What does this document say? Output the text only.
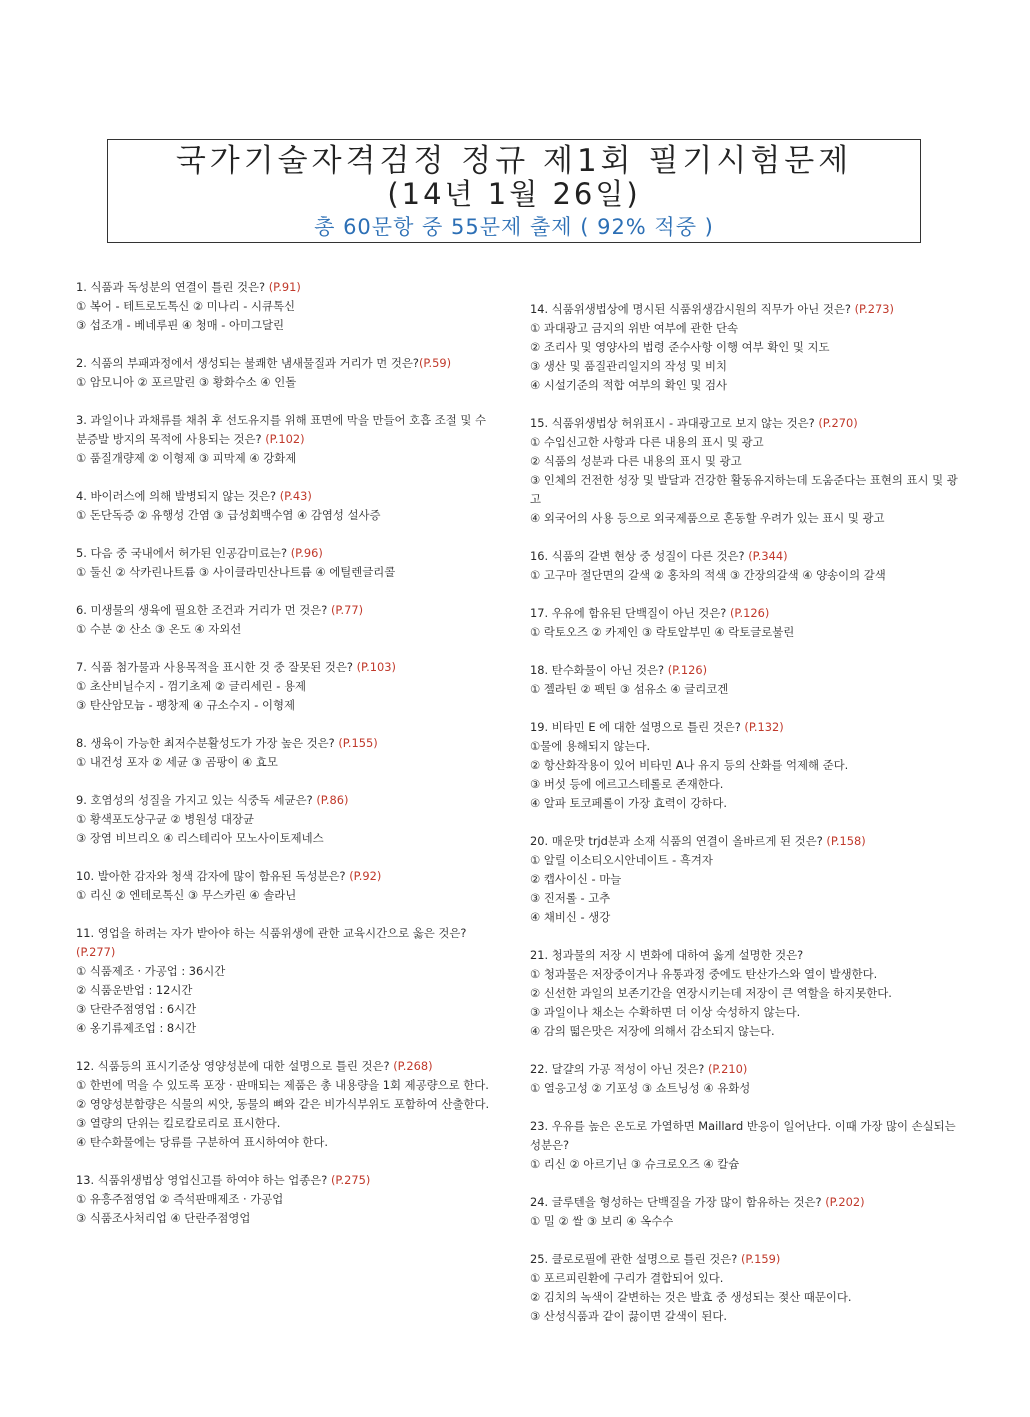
국가기술자격검정 정규 제1회 필기시험문제
(14년 1월 26일)
총 60문항 중 55문제 출제 ( 92% 적중 )
1. 식품과 독성분의 연결이 틀린 것은? (P.91)
① 복어 - 테트로도톡신 ② 미나리 - 시큐톡신
③ 섭조개 - 베네루핀 ④ 청매 - 아미그달린
2. 식품의 부패과정에서 생성되는 불쾌한 냄새물질과 거리가 먼 것은?(P.59)
① 암모니아 ② 포르말린 ③ 황화수소 ④ 인돌
3. 과일이나 과채류를 채취 후 선도유지를 위해 표면에 막을 만들어 호흡 조절 및 수분증발 방지의 목적에 사용되는 것은? (P.102)
① 품질개량제 ② 이형제 ③ 피막제 ④ 강화제
4. 바이러스에 의해 발병되지 않는 것은? (P.43)
① 돈단독증 ② 유행성 간염 ③ 급성회백수염 ④ 감염성 설사증
5. 다음 중 국내에서 허가된 인공감미료는? (P.96)
① 둘신 ② 삭카린나트륨 ③ 사이클라민산나트륨 ④ 에틸렌글리콜
6. 미생물의 생육에 필요한 조건과 거리가 먼 것은? (P.77)
① 수분 ② 산소 ③ 온도 ④ 자외선
7. 식품 첨가물과 사용목적을 표시한 것 중 잘못된 것은? (P.103)
① 초산비닐수지 - 껌기초제 ② 글리세린 - 용제
③ 탄산암모늄 - 팽창제 ④ 규소수지 - 이형제
8. 생육이 가능한 최저수분활성도가 가장 높은 것은? (P.155)
① 내건성 포자 ② 세균 ③ 곰팡이 ④ 효모
9. 호염성의 성질을 가지고 있는 식중독 세균은? (P.86)
① 황색포도상구균 ② 병원성 대장균
③ 장염 비브리오 ④ 리스테리아 모노사이토제네스
10. 발아한 감자와 청색 감자에 많이 함유된 독성분은? (P.92)
① 리신 ② 엔테로톡신 ③ 무스카린 ④ 솔라닌
11. 영업을 하려는 자가 받아야 하는 식품위생에 관한 교육시간으로 옳은 것은? (P.277)
① 식품제조 · 가공업 : 36시간
② 식품운반업 : 12시간
③ 단란주점영업 : 6시간
④ 옹기류제조업 : 8시간
12. 식품등의 표시기준상 영양성분에 대한 설명으로 틀린 것은? (P.268)
① 한번에 먹을 수 있도록 포장 · 판매되는 제품은 총 내용량을 1회 제공량으로 한다.
② 영양성분함량은 식물의 씨앗, 동물의 뼈와 같은 비가식부위도 포함하여 산출한다.
③ 열량의 단위는 킬로칼로리로 표시한다.
④ 탄수화물에는 당류를 구분하여 표시하여야 한다.
13. 식품위생법상 영업신고를 하여야 하는 업종은? (P.275)
① 유흥주점영업 ② 즉석판매제조 · 가공업
③ 식품조사처리업 ④ 단란주점영업
14. 식품위생법상에 명시된 식품위생감시원의 직무가 아닌 것은? (P.273)
① 과대광고 금지의 위반 여부에 관한 단속
② 조리사 및 영양사의 법령 준수사항 이행 여부 확인 및 지도
③ 생산 및 품질관리일지의 작성 및 비치
④ 시설기준의 적합 여부의 확인 및 검사
15. 식품위생법상 허위표시 - 과대광고로 보지 않는 것은? (P.270)
① 수입신고한 사항과 다른 내용의 표시 및 광고
② 식품의 성분과 다른 내용의 표시 및 광고
③ 인체의 건전한 성장 및 발달과 건강한 활동유지하는데 도움준다는 표현의 표시 및 광고
④ 외국어의 사용 등으로 외국제품으로 혼동할 우려가 있는 표시 및 광고
16. 식품의 갈변 현상 중 성질이 다른 것은? (P.344)
① 고구마 절단면의 갈색 ② 홍차의 적색 ③ 간장의갈색 ④ 양송이의 갈색
17. 우유에 함유된 단백질이 아닌 것은? (P.126)
① 락토오즈 ② 카제인 ③ 락토알부민 ④ 락토글로불린
18. 탄수화물이 아닌 것은? (P.126)
① 젤라틴 ② 펙틴 ③ 섬유소 ④ 글리코겐
19. 비타민 E 에 대한 설명으로 틀린 것은? (P.132)
①물에 용해되지 않는다.
② 항산화작용이 있어 비타민 A나 유지 등의 산화를 억제해 준다.
③ 버섯 등에 에르고스테롤로 존재한다.
④ 알파 토코페롤이 가장 효력이 강하다.
20. 매운맛 trjd분과 소재 식품의 연결이 올바르게 된 것은? (P.158)
① 알릴 이소티오시안네이트 - 흑겨자
② 캡사이신 - 마늘
③ 진저롤 - 고추
④ 채비신 - 생강
21. 청과물의 저장 시 변화에 대하여 옳게 설명한 것은?
① 청과물은 저장중이거나 유통과정 중에도 탄산가스와 열이 발생한다.
② 신선한 과일의 보존기간을 연장시키는데 저장이 큰 역할을 하지못한다.
③ 과일이나 채소는 수확하면 더 이상 숙성하지 않는다.
④ 감의 떫은맛은 저장에 의해서 감소되지 않는다.
22. 달걀의 가공 적성이 아닌 것은? (P.210)
① 열응고성 ② 기포성 ③ 쇼트닝성 ④ 유화성
23. 우유를 높은 온도로 가열하면 Maillard 반응이 일어난다. 이때 가장 많이 손실되는 성분은?
① 리신 ② 아르기닌 ③ 슈크로오즈 ④ 칼슘
24. 글루텐을 형성하는 단백질을 가장 많이 함유하는 것은? (P.202)
① 밀 ② 쌀 ③ 보리 ④ 옥수수
25. 클로로필에 관한 설명으로 틀린 것은? (P.159)
① 포르피린환에 구리가 결합되어 있다.
② 김치의 녹색이 갈변하는 것은 발효 중 생성되는 젖산 때문이다.
③ 산성식품과 같이 끓이면 갈색이 된다.
